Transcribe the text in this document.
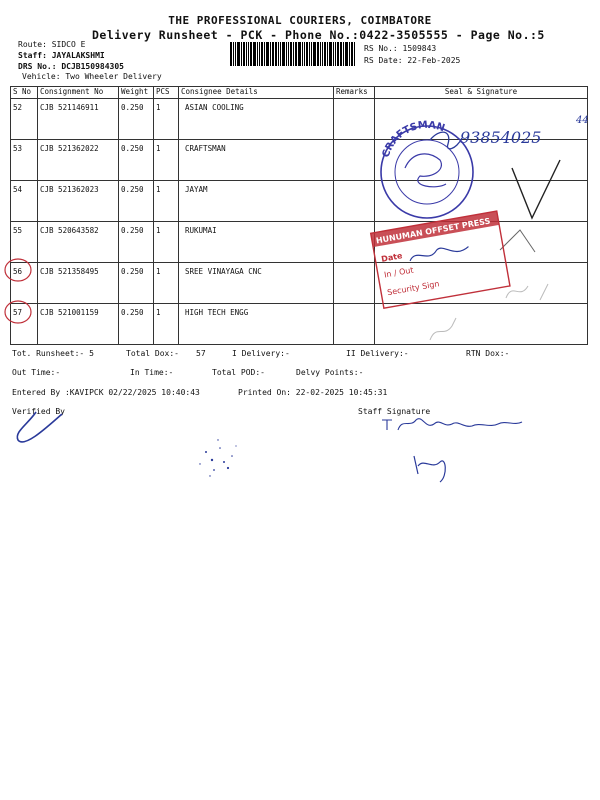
THE PROFESSIONAL COURIERS, COIMBATORE
Delivery Runsheet - PCK - Phone No.:0422-3505555 - Page No.:5
Route: SIDCO E
Staff: JAYALAKSHMI
DRS No.: DCJB150984305
Vehicle: Two Wheeler Delivery
RS No.: 1509843
RS Date: 22-Feb-2025
S No	Consignment No	Weight	PCS	Consignee Details	Remarks	Seal & Signature
52	CJB 521146911	0.250	1	ASIAN COOLING		
53	CJB 521362022	0.250	1	CRAFTSMAN		
54	CJB 521362023	0.250	1	JAYAM		
55	CJB 520643582	0.250	1	RUKUMAI		
56	CJB 521358495	0.250	1	SREE VINAYAGA CNC		
57	CJB 521001159	0.250	1	HIGH TECH ENGG		
Tot. Runsheet:- 5	Total Dox:- 57	I Delivery:-	II Delivery:-	RTN Dox:-
Out Time:-	In Time:-	Total POD:-	Delvy Points:-
Entered By :KAVIPCK 02/22/2025 10:40:43	Printed On: 22-02-2025 10:45:31
Verified By	Staff Signature
44
93854025
CRAFTSMAN
HUNUMAN OFFSET PRESS
Date
In / Out
Security Sign
